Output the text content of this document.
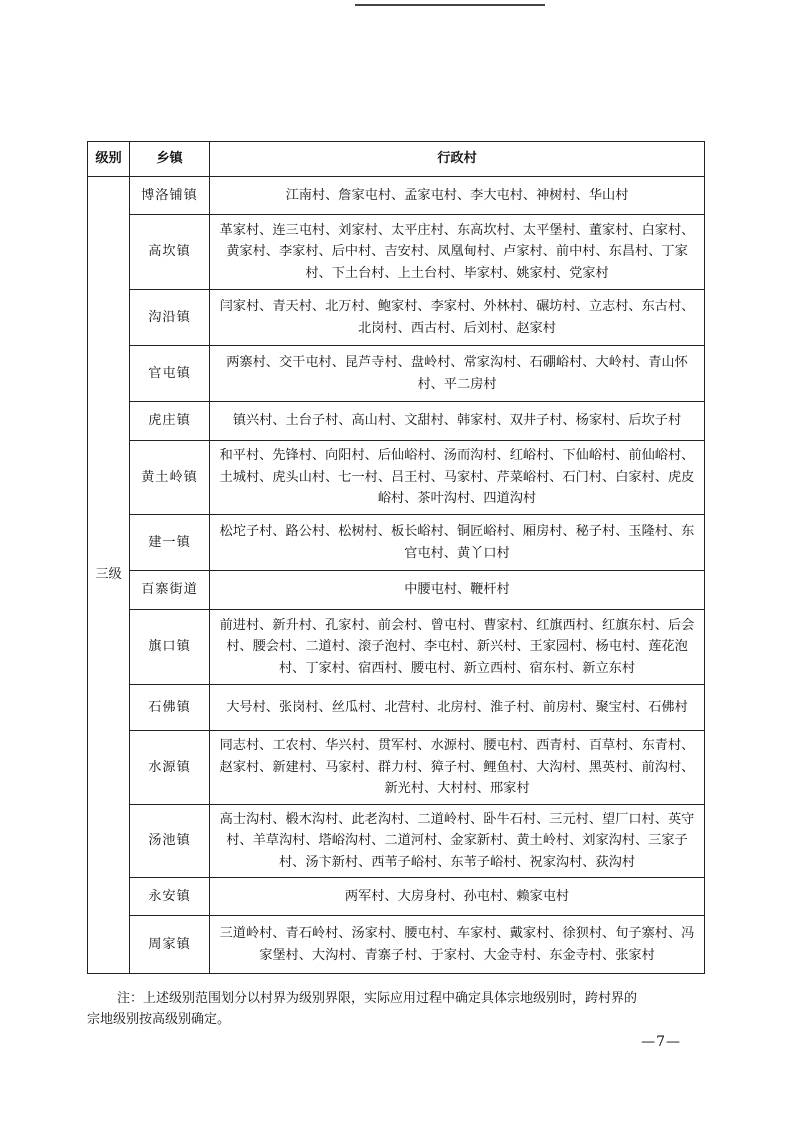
级别	乡镇	行政村
三级	博洛铺镇	江南村、詹家屯村、孟家屯村、李大屯村、神树村、华山村
	高坎镇	革家村、连三屯村、刘家村、太平庄村、东高坎村、太平堡村、董家村、白家村、黄家村、李家村、后中村、吉安村、凤凰甸村、卢家村、前中村、东昌村、丁家村、下土台村、上土台村、毕家村、姚家村、党家村
	沟沿镇	闫家村、青天村、北万村、鲍家村、李家村、外林村、碾坊村、立志村、东古村、北岗村、西古村、后刘村、赵家村
	官屯镇	两寨村、交干屯村、昆芦寺村、盘岭村、常家沟村、石硼峪村、大岭村、青山怀村、平二房村
	虎庄镇	镇兴村、土台子村、高山村、文甜村、韩家村、双井子村、杨家村、后坎子村
	黄土岭镇	和平村、先锋村、向阳村、后仙峪村、汤而沟村、红峪村、下仙峪村、前仙峪村、土城村、虎头山村、七一村、吕王村、马家村、芹菜峪村、石门村、白家村、虎皮峪村、茶叶沟村、四道沟村
	建一镇	松坨子村、路公村、松树村、板长峪村、铜匠峪村、厢房村、秘子村、玉隆村、东官屯村、黄丫口村
	百寨街道	中腰屯村、鞭杆村
	旗口镇	前进村、新升村、孔家村、前会村、曾屯村、曹家村、红旗西村、红旗东村、后会村、腰会村、二道村、滚子泡村、李屯村、新兴村、王家园村、杨屯村、莲花泡村、丁家村、宿西村、腰屯村、新立西村、宿东村、新立东村
	石佛镇	大号村、张岗村、丝瓜村、北营村、北房村、淮子村、前房村、聚宝村、石佛村
	水源镇	同志村、工农村、华兴村、贯军村、水源村、腰屯村、西青村、百草村、东青村、赵家村、新建村、马家村、群力村、獐子村、鲤鱼村、大沟村、黑英村、前沟村、新光村、大村村、邢家村
	汤池镇	高士沟村、椴木沟村、此老沟村、二道岭村、卧牛石村、三元村、望厂口村、英守村、羊草沟村、塔峪沟村、二道河村、金家新村、黄土岭村、刘家沟村、三家子村、汤卞新村、西苇子峪村、东苇子峪村、祝家沟村、荻沟村
	永安镇	两军村、大房身村、孙屯村、赖家屯村
	周家镇	三道岭村、青石岭村、汤家村、腰屯村、车家村、戴家村、徐狈村、旬子寨村、冯家堡村、大沟村、青寨子村、于家村、大金寺村、东金寺村、张家村
注：上述级别范围划分以村界为级别界限，实际应用过程中确定具体宗地级别时，跨村界的
宗地级别按高级别确定。
—7—
